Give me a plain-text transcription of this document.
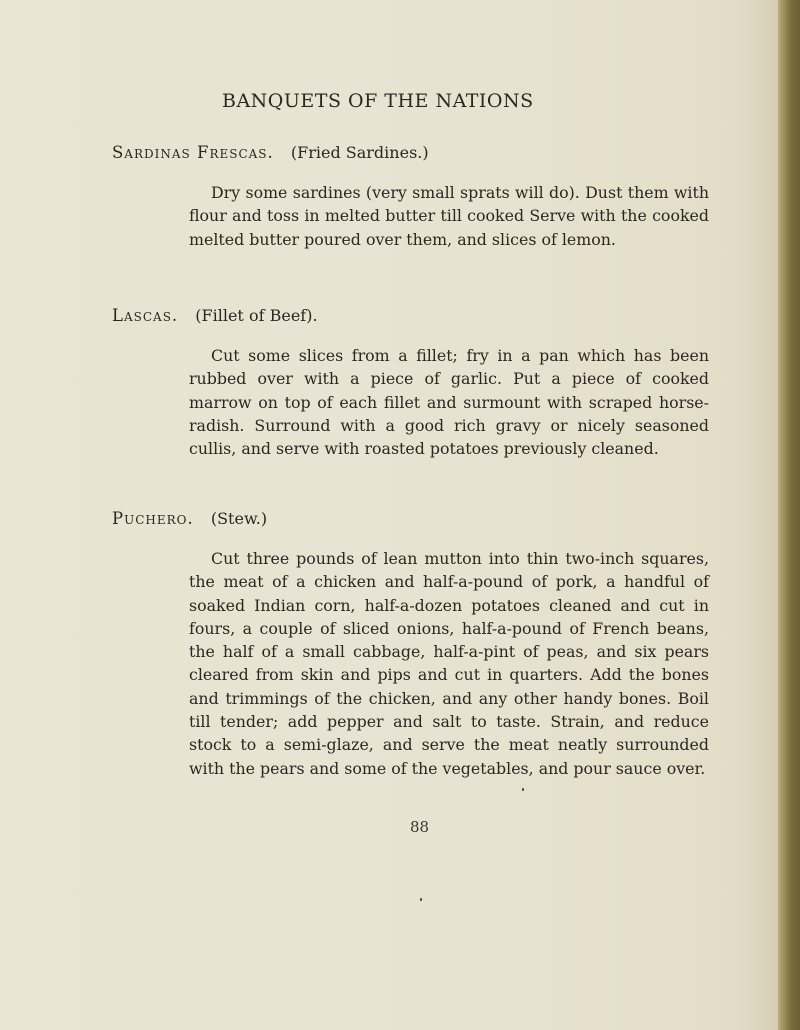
BANQUETS OF THE NATIONS
Sardinas Frescas. (Fried Sardines.)

Dry some sardines (very small sprats will do). Dust them with flour and toss in melted butter till cooked Serve with the cooked melted butter poured over them, and slices of lemon.

Lascas. (Fillet of Beef).

Cut some slices from a fillet; fry in a pan which has been rubbed over with a piece of garlic. Put a piece of cooked marrow on top of each fillet and surmount with scraped horse-radish. Surround with a good rich gravy or nicely seasoned cullis, and serve with roasted potatoes previously cleaned.

Puchero. (Stew.)

Cut three pounds of lean mutton into thin two-inch squares, the meat of a chicken and half-a-pound of pork, a handful of soaked Indian corn, half-a-dozen potatoes cleaned and cut in fours, a couple of sliced onions, half-a-pound of French beans, the half of a small cabbage, half-a-pint of peas, and six pears cleared from skin and pips and cut in quarters. Add the bones and trimmings of the chicken, and any other handy bones. Boil till tender; add pepper and salt to taste. Strain, and reduce stock to a semi-glaze, and serve the meat neatly surrounded with the pears and some of the vegetables, and pour sauce over.

88
